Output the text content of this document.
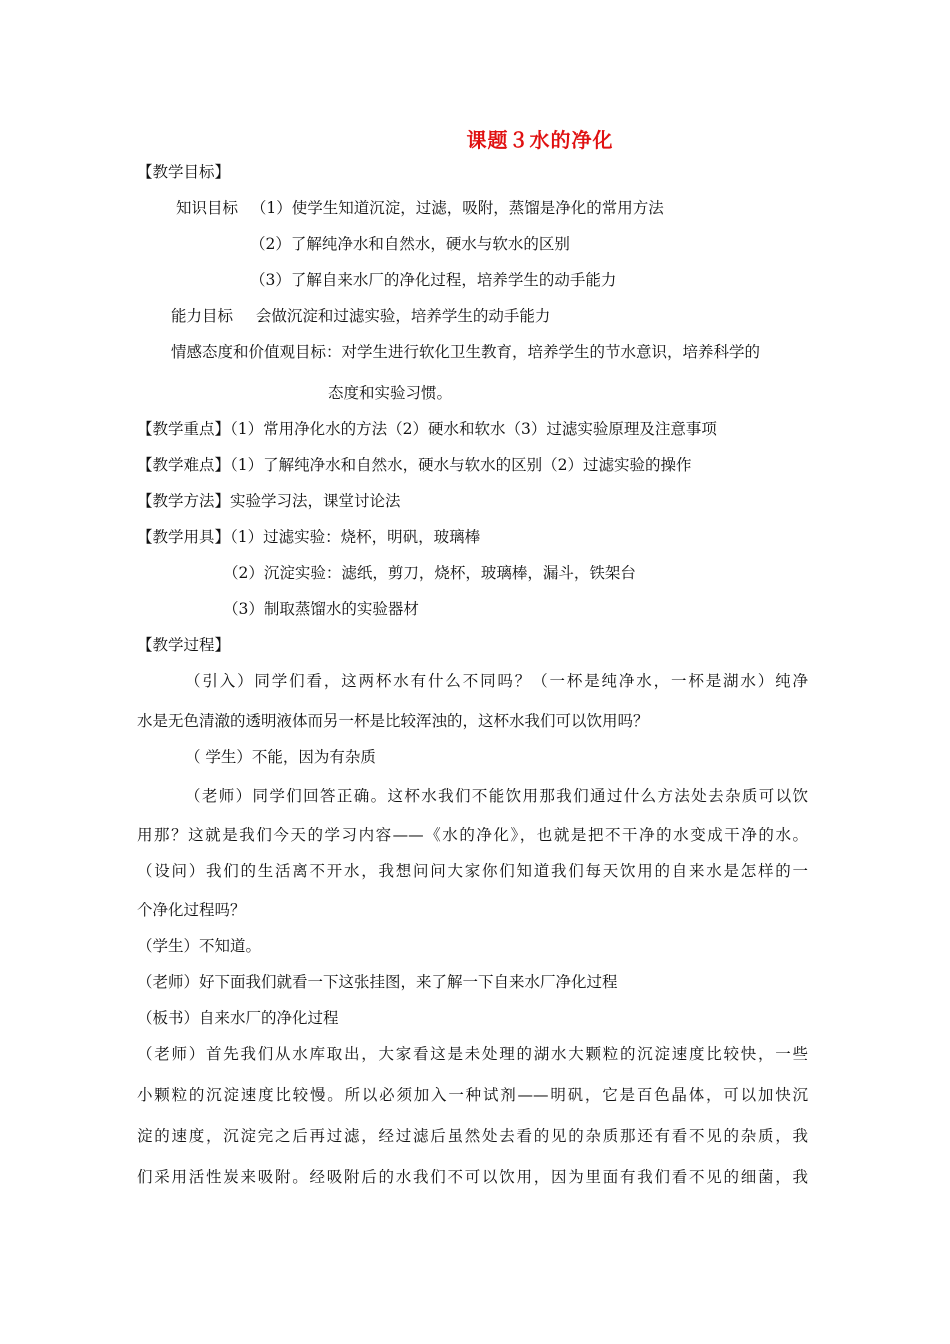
课题３水的净化
【教学目标】
知识目标 （1）使学生知道沉淀，过滤，吸附，蒸馏是净化的常用方法
（2）了解纯净水和自然水，硬水与软水的区别
（3）了解自来水厂的净化过程，培养学生的动手能力
能力目标 会做沉淀和过滤实验，培养学生的动手能力
情感态度和价值观目标：对学生进行软化卫生教育，培养学生的节水意识，培养科学的
态度和实验习惯。
【教学重点】（1）常用净化水的方法（2）硬水和软水（3）过滤实验原理及注意事项
【教学难点】（1）了解纯净水和自然水，硬水与软水的区别（2）过滤实验的操作
【教学方法】实验学习法，课堂讨论法
【教学用具】（1）过滤实验：烧杯，明矾，玻璃棒
（2）沉淀实验：滤纸，剪刀，烧杯，玻璃棒，漏斗，铁架台
（3）制取蒸馏水的实验器材
【教学过程】
（引入）同学们看，这两杯水有什么不同吗？（一杯是纯净水，一杯是湖水）纯净
水是无色清澈的透明液体而另一杯是比较浑浊的，这杯水我们可以饮用吗？
（ 学生）不能，因为有杂质
（老师）同学们回答正确。这杯水我们不能饮用那我们通过什么方法处去杂质可以饮
用那？这就是我们今天的学习内容——《水的净化》，也就是把不干净的水变成干净的水。
（设问）我们的生活离不开水，我想问问大家你们知道我们每天饮用的自来水是怎样的一
个净化过程吗？
（学生）不知道。
（老师）好下面我们就看一下这张挂图，来了解一下自来水厂净化过程
（板书）自来水厂的净化过程
（老师）首先我们从水库取出，大家看这是未处理的湖水大颗粒的沉淀速度比较快，一些
小颗粒的沉淀速度比较慢。所以必须加入一种试剂——明矾，它是百色晶体，可以加快沉
淀的速度，沉淀完之后再过滤，经过滤后虽然处去看的见的杂质那还有看不见的杂质，我
们采用活性炭来吸附。经吸附后的水我们不可以饮用，因为里面有我们看不见的细菌，我
